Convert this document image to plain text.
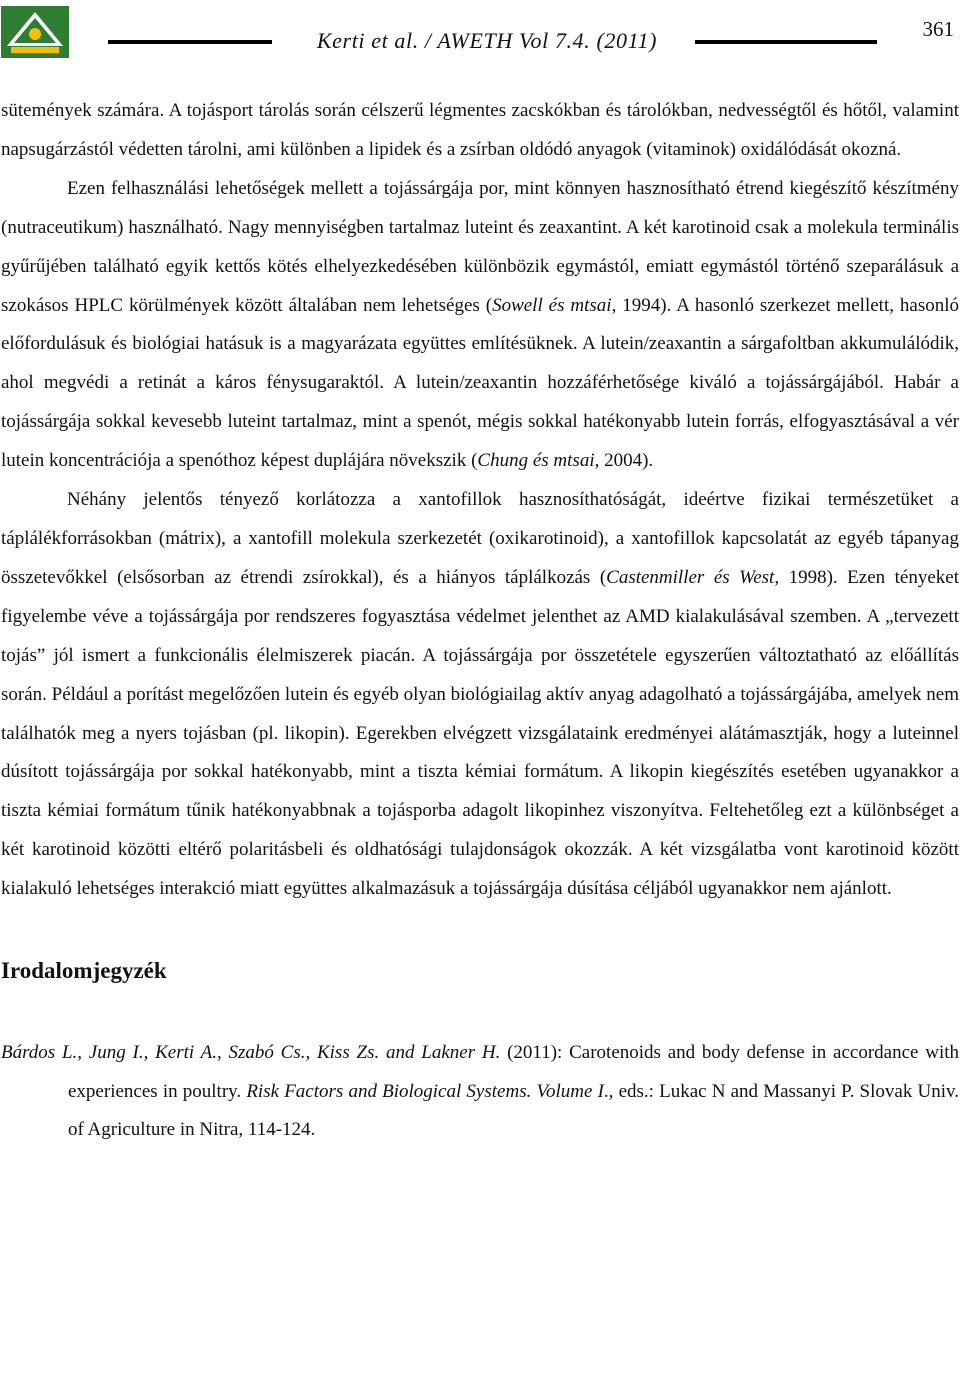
Kerti et al. / AWETH Vol 7.4. (2011)	361

sütemények számára. A tojásport tárolás során célszerű légmentes zacskókban és tárolókban, nedvességtől és hőtől, valamint napsugárzástól védetten tárolni, ami különben a lipidek és a zsírban oldódó anyagok (vitaminok) oxidálódását okozná.

Ezen felhasználási lehetőségek mellett a tojássárgája por, mint könnyen hasznosítható étrend kiegészítő készítmény (nutraceutikum) használható. Nagy mennyiségben tartalmaz luteint és zeaxantint. A két karotinoid csak a molekula terminális gyűrűjében található egyik kettős kötés elhelyezkedésében különbözik egymástól, emiatt egymástól történő szeparálásuk a szokásos HPLC körülmények között általában nem lehetséges (Sowell és mtsai, 1994). A hasonló szerkezet mellett, hasonló előfordulásuk és biológiai hatásuk is a magyarázata együttes említésüknek. A lutein/zeaxantin a sárgafoltban akkumulálódik, ahol megvédi a retinát a káros fénysugaraktól. A lutein/zeaxantin hozzáférhetősége kiváló a tojássárgájából. Habár a tojássárgája sokkal kevesebb luteint tartalmaz, mint a spenót, mégis sokkal hatékonyabb lutein forrás, elfogyasztásával a vér lutein koncentrációja a spenóthoz képest duplájára növekszik (Chung és mtsai, 2004).

Néhány jelentős tényező korlátozza a xantofillok hasznosíthatóságát, ideértve fizikai természetüket a táplálékforrásokban (mátrix), a xantofill molekula szerkezetét (oxikarotinoid), a xantofillok kapcsolatát az egyéb tápanyag összetevőkkel (elsősorban az étrendi zsírokkal), és a hiányos táplálkozás (Castenmiller és West, 1998). Ezen tényeket figyelembe véve a tojássárgája por rendszeres fogyasztása védelmet jelenthet az AMD kialakulásával szemben. A „tervezett tojás” jól ismert a funkcionális élelmiszerek piacán. A tojássárgája por összetétele egyszerűen változtatható az előállítás során. Például a porítást megelőzően lutein és egyéb olyan biológiailag aktív anyag adagolható a tojássárgájába, amelyek nem találhatók meg a nyers tojásban (pl. likopin). Egerekben elvégzett vizsgálataink eredményei alátámasztják, hogy a luteinnel dúsított tojássárgája por sokkal hatékonyabb, mint a tiszta kémiai formátum. A likopin kiegészítés esetében ugyanakkor a tiszta kémiai formátum tűnik hatékonyabbnak a tojásporba adagolt likopinhez viszonyítva. Feltehetőleg ezt a különbséget a két karotinoid közötti eltérő polaritásbeli és oldhatósági tulajdonságok okozzák. A két vizsgálatba vont karotinoid között kialakuló lehetséges interakció miatt együttes alkalmazásuk a tojássárgája dúsítása céljából ugyanakkor nem ajánlott.

Irodalomjegyzék

Bárdos L., Jung I., Kerti A., Szabó Cs., Kiss Zs. and Lakner H. (2011): Carotenoids and body defense in accordance with experiences in poultry. Risk Factors and Biological Systems. Volume I., eds.: Lukac N and Massanyi P. Slovak Univ. of Agriculture in Nitra, 114-124.
